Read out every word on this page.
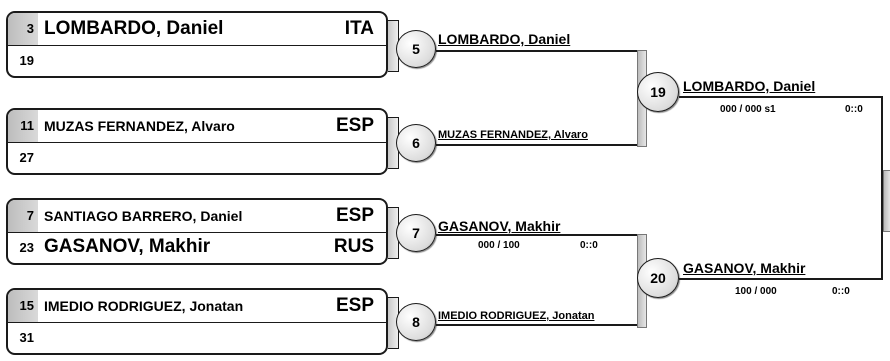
3
19
LOMBARDO, Daniel	ITA
11
27
MUZAS FERNANDEZ, Alvaro	ESP
7
23
SANTIAGO BARRERO, Daniel	ESP
GASANOV, Makhir	RUS
15
31
IMEDIO RODRIGUEZ, Jonatan	ESP
5
LOMBARDO, Daniel
6	MUZAS FERNANDEZ, Alvaro
7	GASANOV, Makhir
000 / 100	0::0
8	IMEDIO RODRIGUEZ, Jonatan
19	LOMBARDO, Daniel
000 / 000 s1	0::0
20
GASANOV, Makhir
100 / 000	0::0
